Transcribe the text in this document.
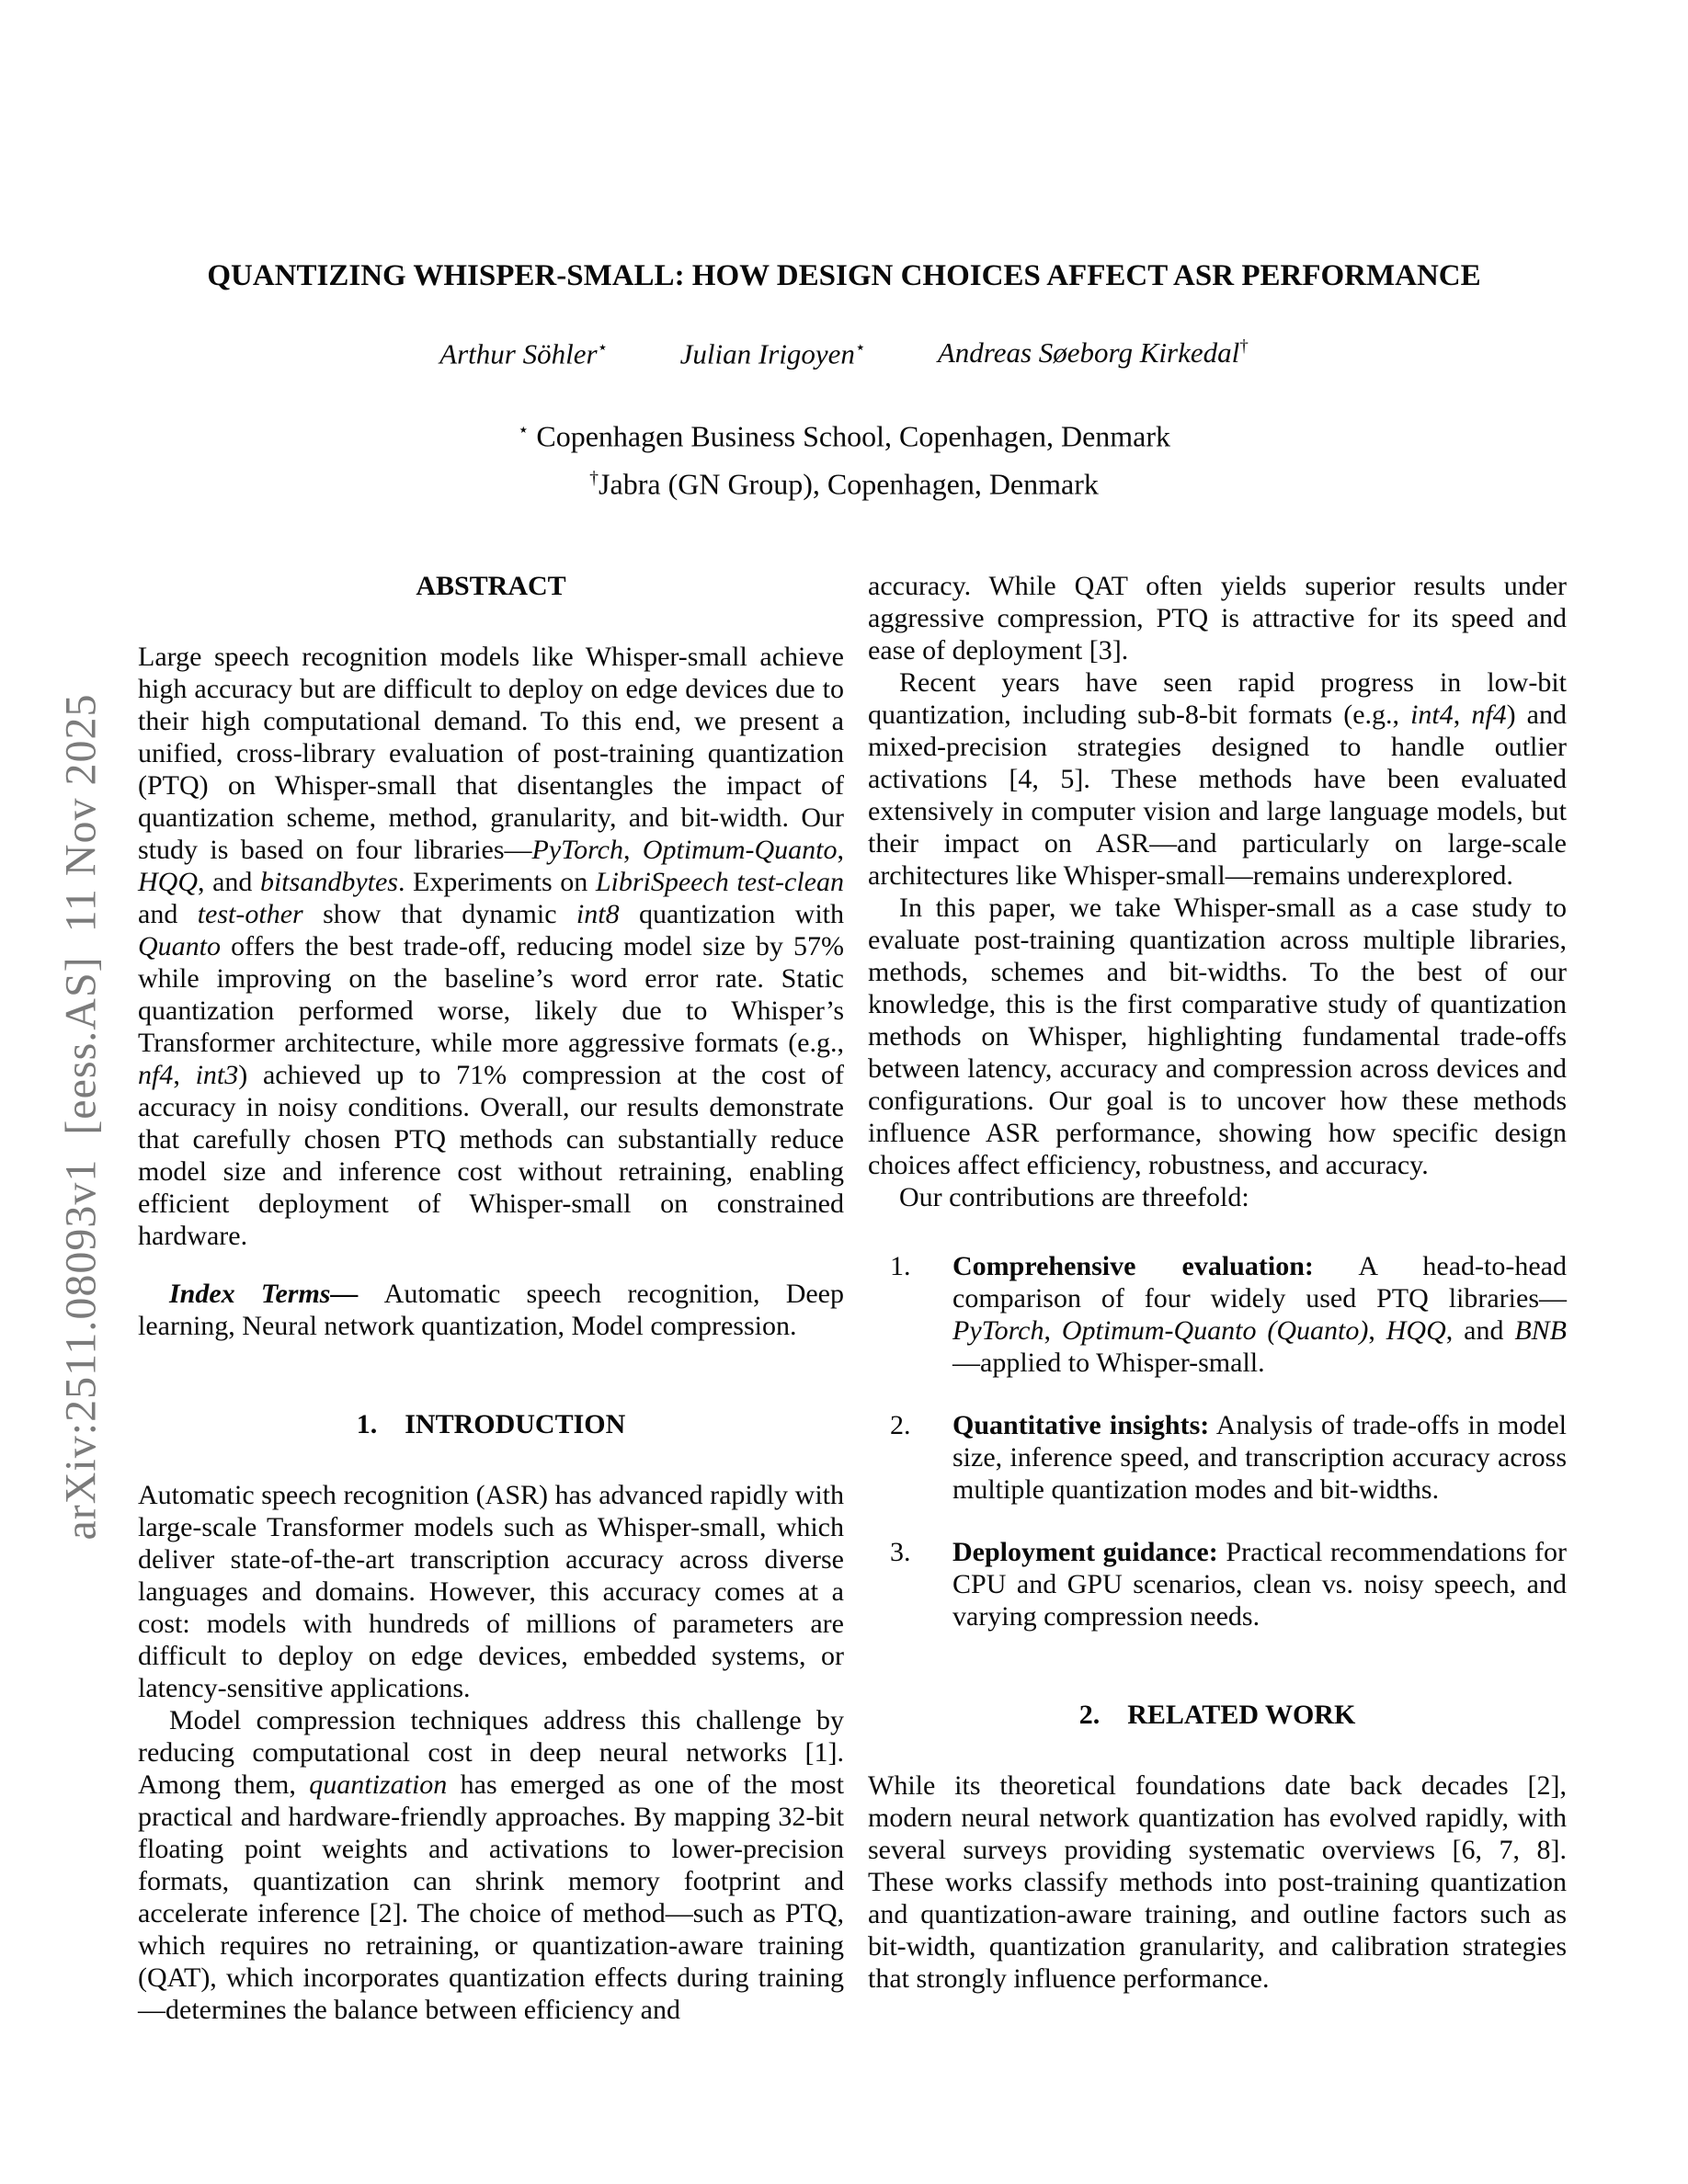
arXiv:2511.08093v1  [eess.AS]  11 Nov 2025
QUANTIZING WHISPER-SMALL: HOW DESIGN CHOICES AFFECT ASR PERFORMANCE
Arthur Söhler⋆	Julian Irigoyen⋆	Andreas Søeborg Kirkedal†
⋆ Copenhagen Business School, Copenhagen, Denmark
†Jabra (GN Group), Copenhagen, Denmark
ABSTRACT

Large speech recognition models like Whisper-small achieve high accuracy but are difficult to deploy on edge devices due to their high computational demand. To this end, we present a unified, cross-library evaluation of post-training quantization (PTQ) on Whisper-small that disentangles the impact of quantization scheme, method, granularity, and bit-width. Our study is based on four libraries—PyTorch, Optimum-Quanto, HQQ, and bitsandbytes. Experiments on LibriSpeech test-clean and test-other show that dynamic int8 quantization with Quanto offers the best trade-off, reducing model size by 57% while improving on the baseline’s word error rate. Static quantization performed worse, likely due to Whisper’s Transformer architecture, while more aggressive formats (e.g., nf4, int3) achieved up to 71% compression at the cost of accuracy in noisy conditions. Overall, our results demonstrate that carefully chosen PTQ methods can substantially reduce model size and inference cost without retraining, enabling efficient deployment of Whisper-small on constrained hardware.

Index Terms— Automatic speech recognition, Deep learning, Neural network quantization, Model compression.

1. INTRODUCTION

Automatic speech recognition (ASR) has advanced rapidly with large-scale Transformer models such as Whisper-small, which deliver state-of-the-art transcription accuracy across diverse languages and domains. However, this accuracy comes at a cost: models with hundreds of millions of parameters are difficult to deploy on edge devices, embedded systems, or latency-sensitive applications.

Model compression techniques address this challenge by reducing computational cost in deep neural networks [1]. Among them, quantization has emerged as one of the most practical and hardware-friendly approaches. By mapping 32-bit floating point weights and activations to lower-precision formats, quantization can shrink memory footprint and accelerate inference [2]. The choice of method—such as PTQ, which requires no retraining, or quantization-aware training (QAT), which incorporates quantization effects during training—determines the balance between efficiency and

accuracy. While QAT often yields superior results under aggressive compression, PTQ is attractive for its speed and ease of deployment [3].

Recent years have seen rapid progress in low-bit quantization, including sub-8-bit formats (e.g., int4, nf4) and mixed-precision strategies designed to handle outlier activations [4, 5]. These methods have been evaluated extensively in computer vision and large language models, but their impact on ASR—and particularly on large-scale architectures like Whisper-small—remains underexplored.

In this paper, we take Whisper-small as a case study to evaluate post-training quantization across multiple libraries, methods, schemes and bit-widths. To the best of our knowledge, this is the first comparative study of quantization methods on Whisper, highlighting fundamental trade-offs between latency, accuracy and compression across devices and configurations. Our goal is to uncover how these methods influence ASR performance, showing how specific design choices affect efficiency, robustness, and accuracy.

Our contributions are threefold:

1.	Comprehensive evaluation: A head-to-head comparison of four widely used PTQ libraries—PyTorch, Optimum-Quanto (Quanto), HQQ, and BNB —applied to Whisper-small.
2.	Quantitative insights: Analysis of trade-offs in model size, inference speed, and transcription accuracy across multiple quantization modes and bit-widths.
3.	Deployment guidance: Practical recommendations for CPU and GPU scenarios, clean vs. noisy speech, and varying compression needs.
2. RELATED WORK

While its theoretical foundations date back decades [2], modern neural network quantization has evolved rapidly, with several surveys providing systematic overviews [6, 7, 8]. These works classify methods into post-training quantization and quantization-aware training, and outline factors such as bit-width, quantization granularity, and calibration strategies that strongly influence performance.
